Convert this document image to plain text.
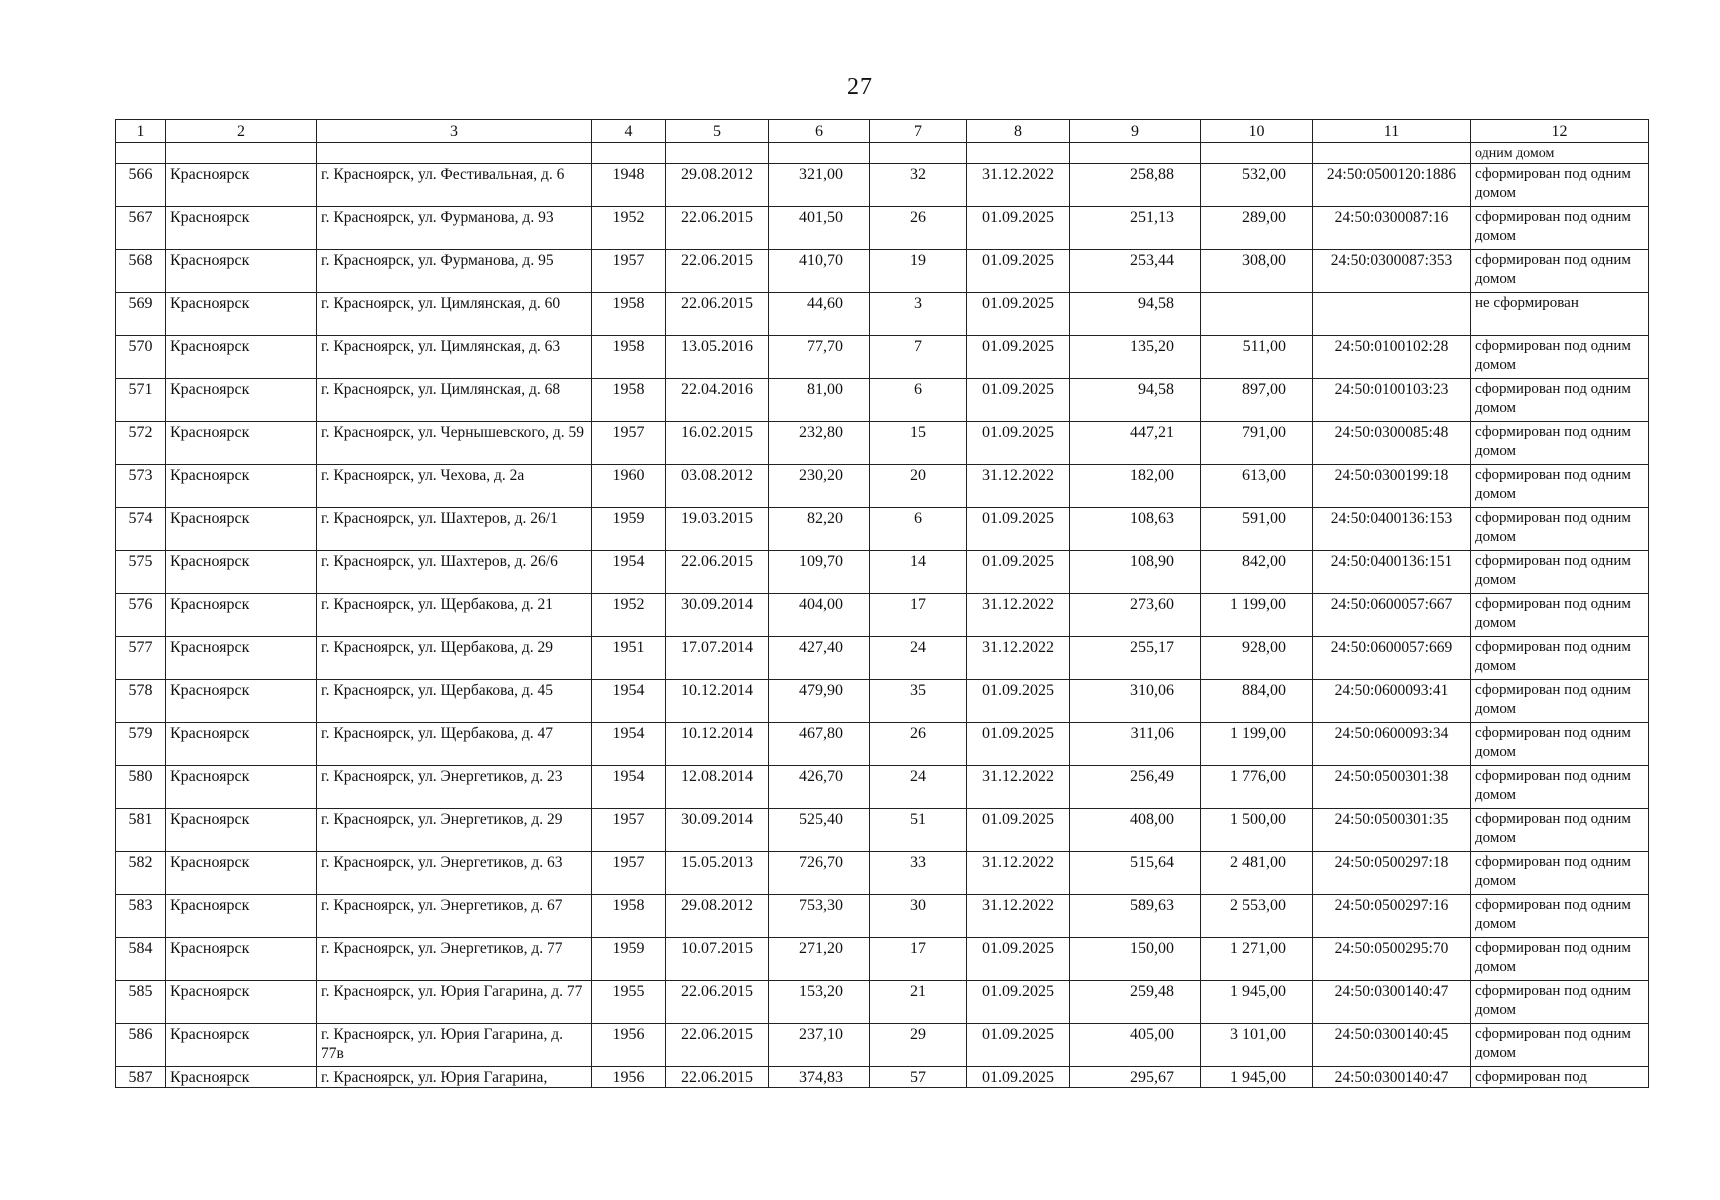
27
1	2	3	4	5	6	7	8	9	10	11	12
											одним домом
566	Красноярск	г. Красноярск, ул. Фестивальная, д. 6	1948	29.08.2012	321,00	32	31.12.2022	258,88	532,00	24:50:0500120:1886	сформирован под одним домом
567	Красноярск	г. Красноярск, ул. Фурманова, д. 93	1952	22.06.2015	401,50	26	01.09.2025	251,13	289,00	24:50:0300087:16	сформирован под одним домом
568	Красноярск	г. Красноярск, ул. Фурманова, д. 95	1957	22.06.2015	410,70	19	01.09.2025	253,44	308,00	24:50:0300087:353	сформирован под одним домом
569	Красноярск	г. Красноярск, ул. Цимлянская, д. 60	1958	22.06.2015	44,60	3	01.09.2025	94,58			не сформирован
570	Красноярск	г. Красноярск, ул. Цимлянская, д. 63	1958	13.05.2016	77,70	7	01.09.2025	135,20	511,00	24:50:0100102:28	сформирован под одним домом
571	Красноярск	г. Красноярск, ул. Цимлянская, д. 68	1958	22.04.2016	81,00	6	01.09.2025	94,58	897,00	24:50:0100103:23	сформирован под одним домом
572	Красноярск	г. Красноярск, ул. Чернышевского, д. 59	1957	16.02.2015	232,80	15	01.09.2025	447,21	791,00	24:50:0300085:48	сформирован под одним домом
573	Красноярск	г. Красноярск, ул. Чехова, д. 2а	1960	03.08.2012	230,20	20	31.12.2022	182,00	613,00	24:50:0300199:18	сформирован под одним домом
574	Красноярск	г. Красноярск, ул. Шахтеров, д. 26/1	1959	19.03.2015	82,20	6	01.09.2025	108,63	591,00	24:50:0400136:153	сформирован под одним домом
575	Красноярск	г. Красноярск, ул. Шахтеров, д. 26/6	1954	22.06.2015	109,70	14	01.09.2025	108,90	842,00	24:50:0400136:151	сформирован под одним домом
576	Красноярск	г. Красноярск, ул. Щербакова, д. 21	1952	30.09.2014	404,00	17	31.12.2022	273,60	1 199,00	24:50:0600057:667	сформирован под одним домом
577	Красноярск	г. Красноярск, ул. Щербакова, д. 29	1951	17.07.2014	427,40	24	31.12.2022	255,17	928,00	24:50:0600057:669	сформирован под одним домом
578	Красноярск	г. Красноярск, ул. Щербакова, д. 45	1954	10.12.2014	479,90	35	01.09.2025	310,06	884,00	24:50:0600093:41	сформирован под одним домом
579	Красноярск	г. Красноярск, ул. Щербакова, д. 47	1954	10.12.2014	467,80	26	01.09.2025	311,06	1 199,00	24:50:0600093:34	сформирован под одним домом
580	Красноярск	г. Красноярск, ул. Энергетиков, д. 23	1954	12.08.2014	426,70	24	31.12.2022	256,49	1 776,00	24:50:0500301:38	сформирован под одним домом
581	Красноярск	г. Красноярск, ул. Энергетиков, д. 29	1957	30.09.2014	525,40	51	01.09.2025	408,00	1 500,00	24:50:0500301:35	сформирован под одним домом
582	Красноярск	г. Красноярск, ул. Энергетиков, д. 63	1957	15.05.2013	726,70	33	31.12.2022	515,64	2 481,00	24:50:0500297:18	сформирован под одним домом
583	Красноярск	г. Красноярск, ул. Энергетиков, д. 67	1958	29.08.2012	753,30	30	31.12.2022	589,63	2 553,00	24:50:0500297:16	сформирован под одним домом
584	Красноярск	г. Красноярск, ул. Энергетиков, д. 77	1959	10.07.2015	271,20	17	01.09.2025	150,00	1 271,00	24:50:0500295:70	сформирован под одним домом
585	Красноярск	г. Красноярск, ул. Юрия Гагарина, д. 77	1955	22.06.2015	153,20	21	01.09.2025	259,48	1 945,00	24:50:0300140:47	сформирован под одним домом
586	Красноярск	г. Красноярск, ул. Юрия Гагарина, д. 77в	1956	22.06.2015	237,10	29	01.09.2025	405,00	3 101,00	24:50:0300140:45	сформирован под одним домом
587	Красноярск	г. Красноярск, ул. Юрия Гагарина,	1956	22.06.2015	374,83	57	01.09.2025	295,67	1 945,00	24:50:0300140:47	сформирован под
